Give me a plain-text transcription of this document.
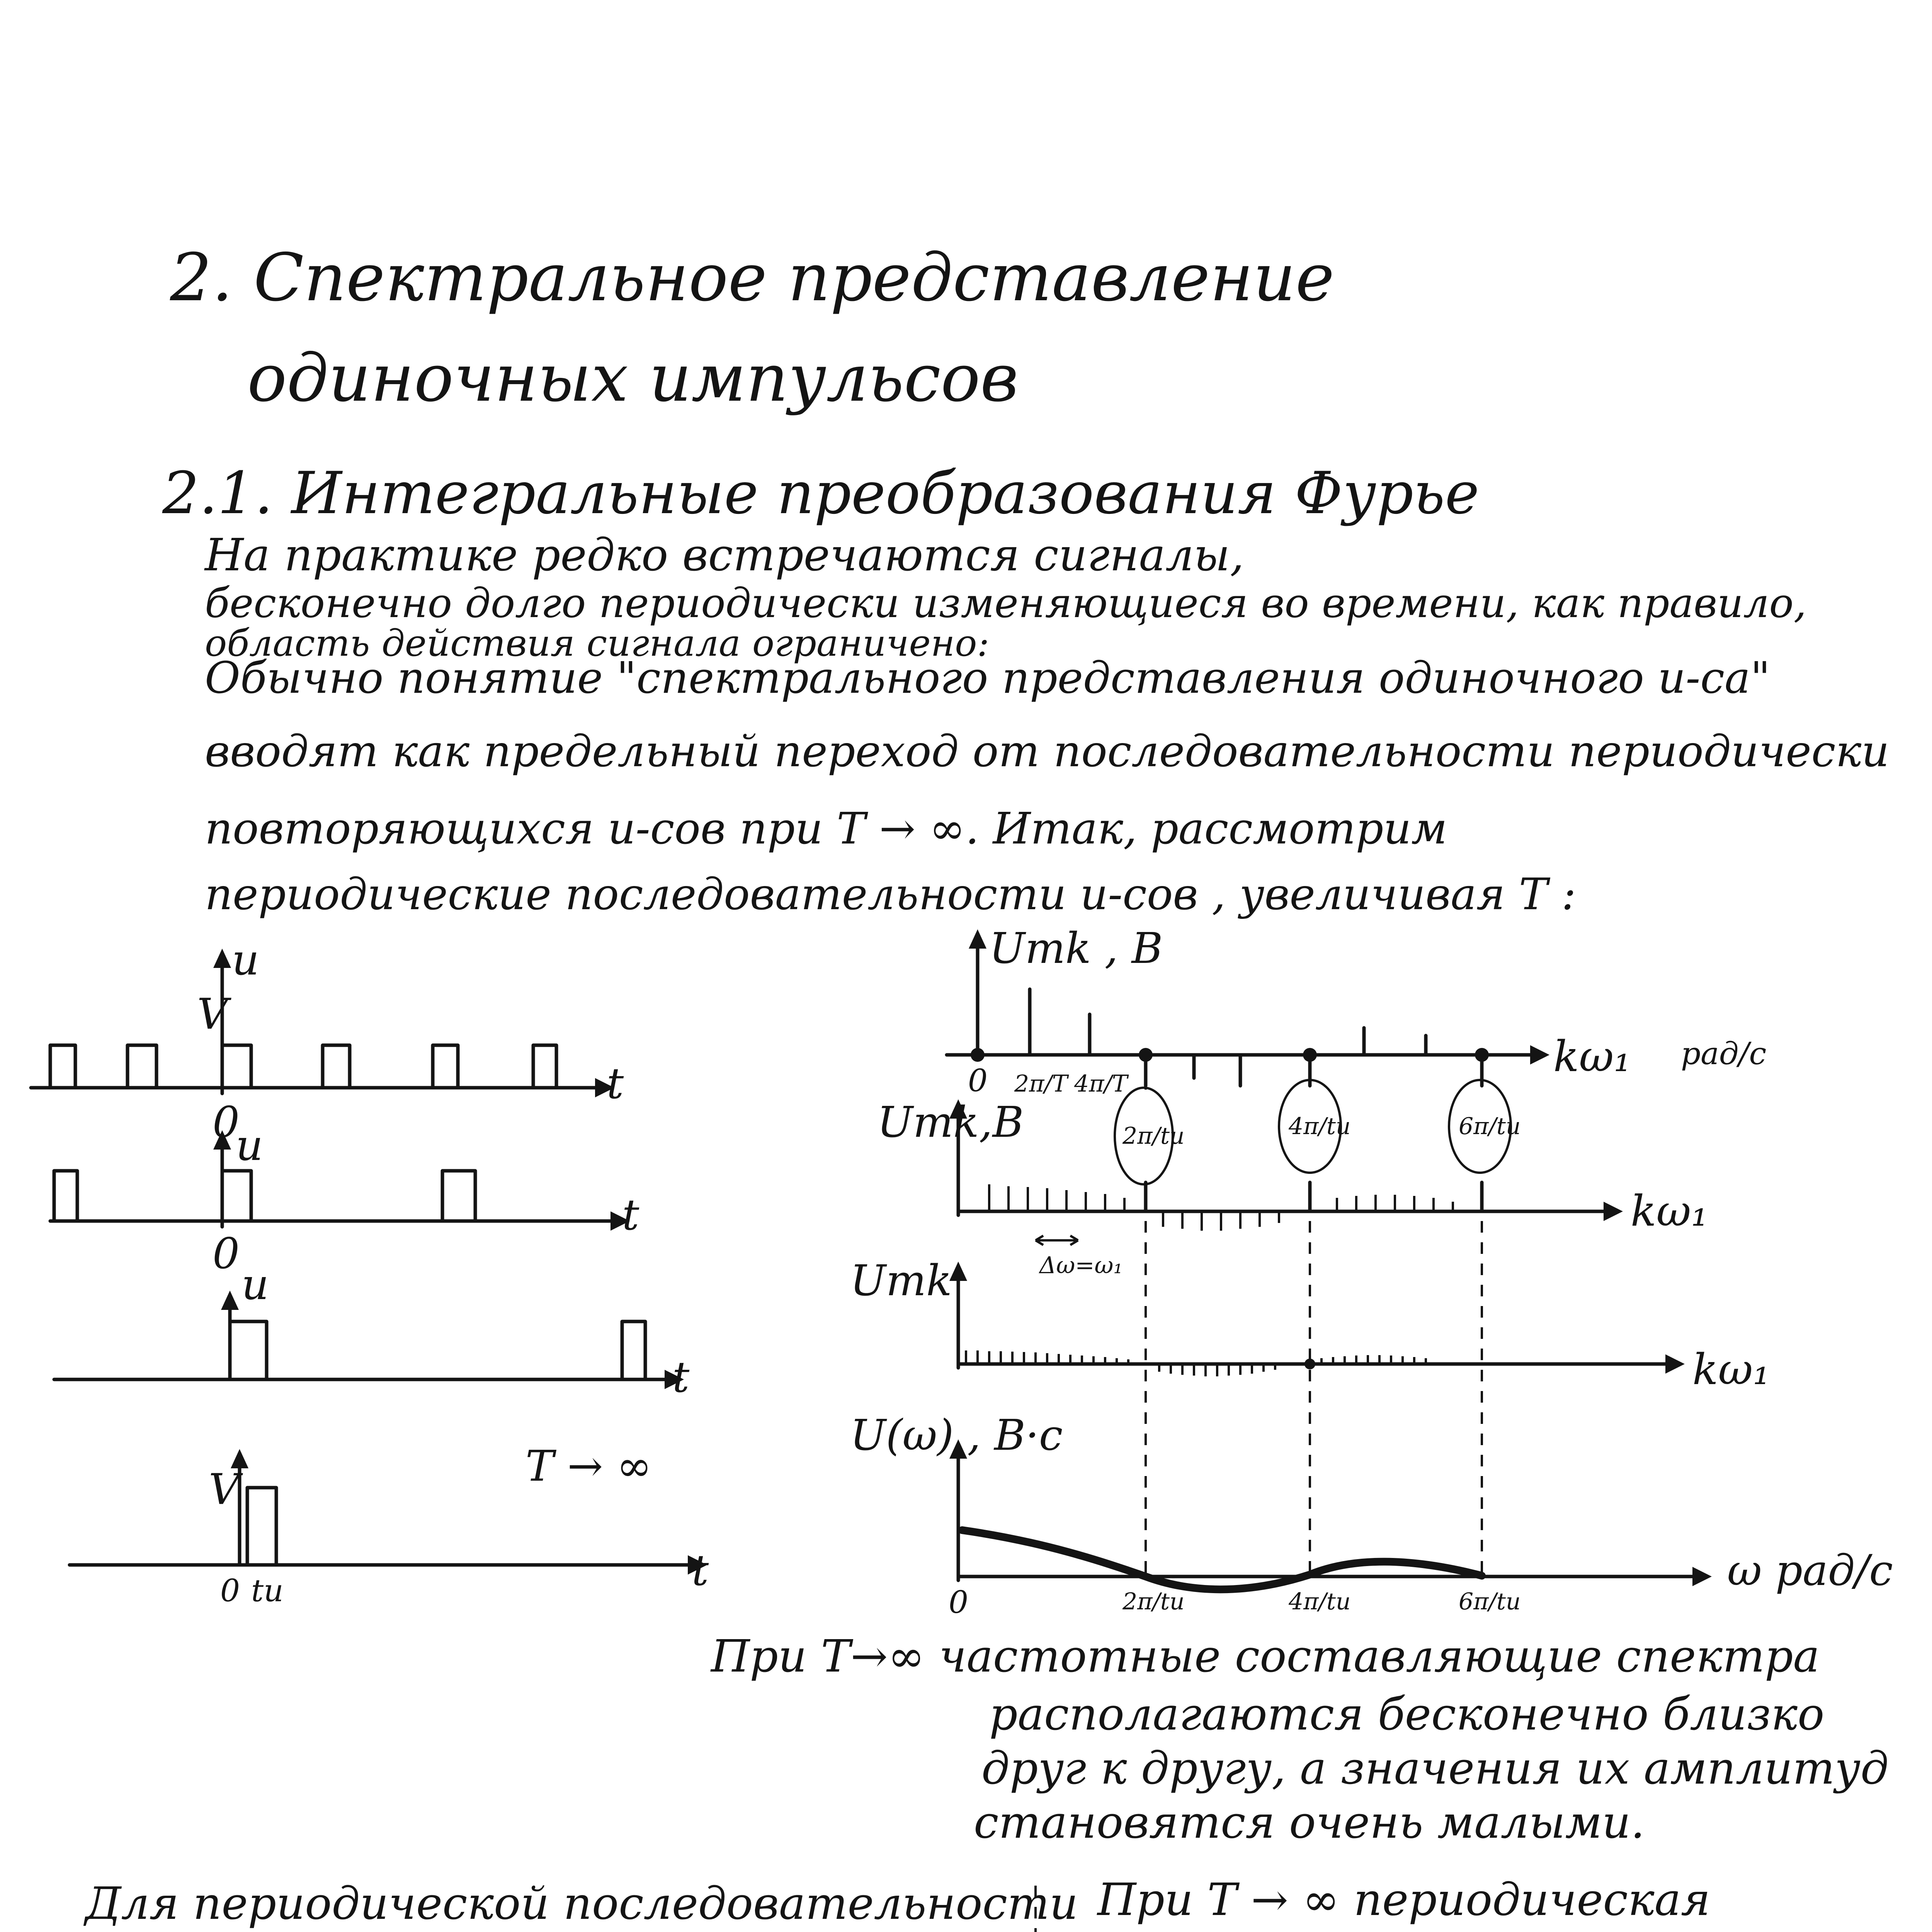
2. Спектральное представление
одиночных импульсов
2.1. Интегральные преобразования Фурье
На практике редко встречаются сигналы,
бесконечно долго периодически изменяющиеся во времени, как правило,
область действия сигнала ограничено:
Обычно понятие "спектрального представления одиночного и-са"
вводят как предельный переход от последовательности периодически
повторяющихся и-сов при T → ∞. Итак, рассмотрим
периодические последовательности и-сов , увеличивая T :
u
V
t
0
u
t
0
u
t
V	T → ∞
t
0 tи
Umk , B
0 2π/T 4π/T
2π/tи	4π/tи	6π/tи
kω₁ рад/с
Umk,B
kω₁
Δω=ω₁
Umk
kω₁
U(ω) , B·c
0	2π/tи	4π/tи	6π/tи
ω рад/с
При T→∞ частотные составляющие спектра
располагаются бесконечно близко
друг к другу, а значения их амплитуд
становятся очень малыми.
Для периодической последовательности При T → ∞ периодическая
